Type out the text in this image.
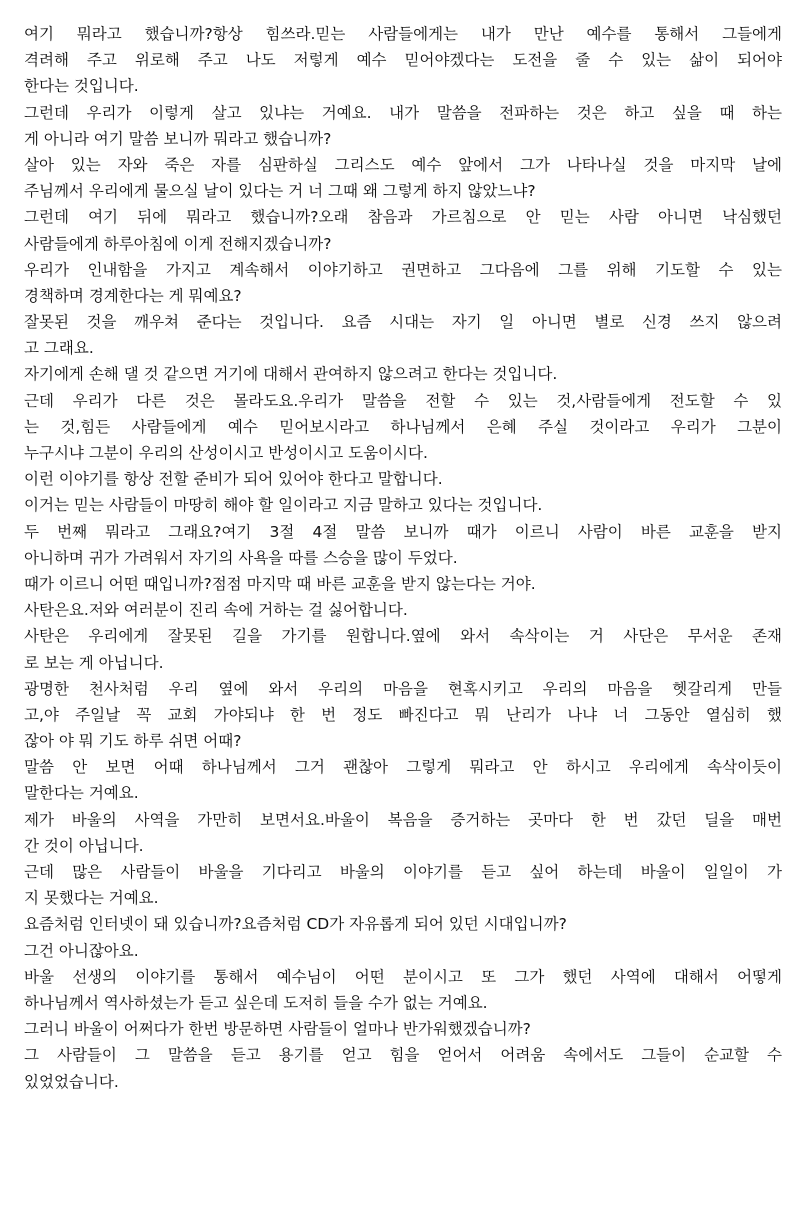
여기 뭐라고 했습니까?항상 힘쓰라.믿는 사람들에게는 내가 만난 예수를 통해서 그들에게
격려해 주고 위로해 주고 나도 저렇게 예수 믿어야겠다는 도전을 줄 수 있는 삶이 되어야
한다는 것입니다.
그런데 우리가 이렇게 살고 있냐는 거예요. 내가 말씀을 전파하는 것은 하고 싶을 때 하는
게 아니라 여기 말씀 보니까 뭐라고 했습니까?
살아 있는 자와 죽은 자를 심판하실 그리스도 예수 앞에서 그가 나타나실 것을 마지막 날에
주님께서 우리에게 물으실 날이 있다는 거 너 그때 왜 그렇게 하지 않았느냐?
그런데 여기 뒤에 뭐라고 했습니까?오래 참음과 가르침으로 안 믿는 사람 아니면 낙심했던
사람들에게 하루아침에 이게 전해지겠습니까?
우리가 인내함을 가지고 계속해서 이야기하고 권면하고 그다음에 그를 위해 기도할 수 있는
경책하며 경계한다는 게 뭐예요?
잘못된 것을 깨우쳐 준다는 것입니다. 요즘 시대는 자기 일 아니면 별로 신경 쓰지 않으려
고 그래요.
자기에게 손해 댈 것 같으면 거기에 대해서 관여하지 않으려고 한다는 것입니다.
근데 우리가 다른 것은 몰라도요.우리가 말씀을 전할 수 있는 것,사람들에게 전도할 수 있
는 것,힘든 사람들에게 예수 믿어보시라고 하나님께서 은혜 주실 것이라고 우리가 그분이
누구시냐 그분이 우리의 산성이시고 반성이시고 도움이시다.
이런 이야기를 항상 전할 준비가 되어 있어야 한다고 말합니다.
이거는 믿는 사람들이 마땅히 해야 할 일이라고 지금 말하고 있다는 것입니다.
두 번째 뭐라고 그래요?여기 3절 4절 말씀 보니까 때가 이르니 사람이 바른 교훈을 받지
아니하며 귀가 가려워서 자기의 사욕을 따를 스승을 많이 두었다.
때가 이르니 어떤 때입니까?점점 마지막 때 바른 교훈을 받지 않는다는 거야.
사탄은요.저와 여러분이 진리 속에 거하는 걸 싫어합니다.
사탄은 우리에게 잘못된 길을 가기를 원합니다.옆에 와서 속삭이는 거 사단은 무서운 존재
로 보는 게 아닙니다.
광명한 천사처럼 우리 옆에 와서 우리의 마음을 현혹시키고 우리의 마음을 헷갈리게 만들
고,야 주일날 꼭 교회 가야되냐 한 번 정도 빠진다고 뭐 난리가 나냐 너 그동안 열심히 했
잖아 야 뭐 기도 하루 쉬면 어때?
말씀 안 보면 어때 하나님께서 그거 괜찮아 그렇게 뭐라고 안 하시고 우리에게 속삭이듯이
말한다는 거예요.
제가 바울의 사역을 가만히 보면서요.바울이 복음을 증거하는 곳마다 한 번 갔던 딜을 매번
간 것이 아닙니다.
근데 많은 사람들이 바울을 기다리고 바울의 이야기를 듣고 싶어 하는데 바울이 일일이 가
지 못했다는 거예요.
요즘처럼 인터넷이 돼 있습니까?요즘처럼 CD가 자유롭게 되어 있던 시대입니까?
그건 아니잖아요.
바울 선생의 이야기를 통해서 예수님이 어떤 분이시고 또 그가 했던 사역에 대해서 어떻게
하나님께서 역사하셨는가 듣고 싶은데 도저히 들을 수가 없는 거예요.
그러니 바울이 어쩌다가 한번 방문하면 사람들이 얼마나 반가워했겠습니까?
그 사람들이 그 말씀을 듣고 용기를 얻고 힘을 얻어서 어려움 속에서도 그들이 순교할 수
있었었습니다.
